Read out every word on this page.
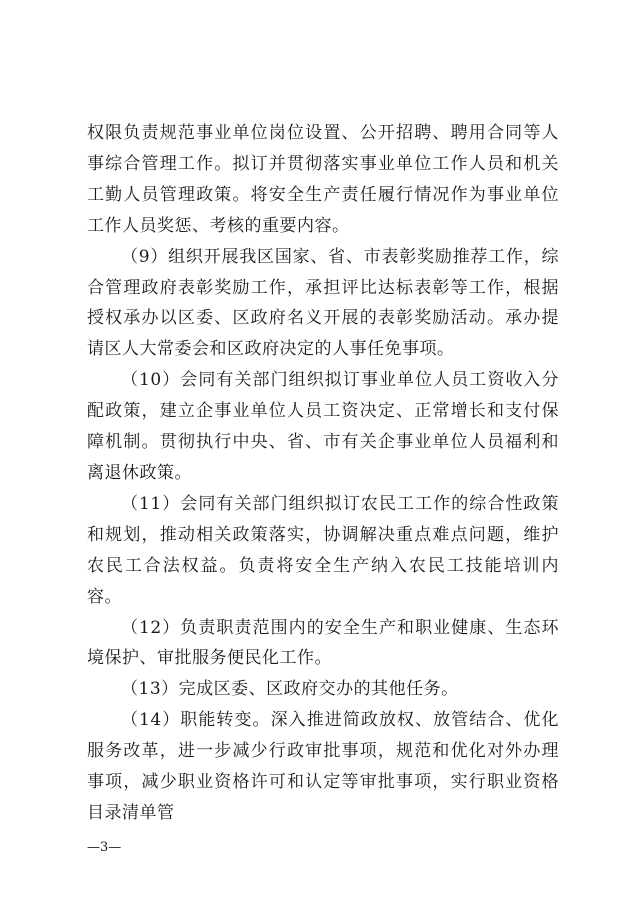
权限负责规范事业单位岗位设置、公开招聘、聘用合同等人事综合管理工作。拟订并贯彻落实事业单位工作人员和机关工勤人员管理政策。将安全生产责任履行情况作为事业单位工作人员奖惩、考核的重要内容。

（9）组织开展我区国家、省、市表彰奖励推荐工作，综合管理政府表彰奖励工作，承担评比达标表彰等工作，根据授权承办以区委、区政府名义开展的表彰奖励活动。承办提请区人大常委会和区政府决定的人事任免事项。

（10）会同有关部门组织拟订事业单位人员工资收入分配政策，建立企事业单位人员工资决定、正常增长和支付保障机制。贯彻执行中央、省、市有关企事业单位人员福利和离退休政策。

（11）会同有关部门组织拟订农民工工作的综合性政策和规划，推动相关政策落实，协调解决重点难点问题，维护农民工合法权益。负责将安全生产纳入农民工技能培训内容。

（12）负责职责范围内的安全生产和职业健康、生态环境保护、审批服务便民化工作。

（13）完成区委、区政府交办的其他任务。

（14）职能转变。深入推进简政放权、放管结合、优化服务改革，进一步减少行政审批事项，规范和优化对外办理事项，减少职业资格许可和认定等审批事项，实行职业资格目录清单管

—3—
